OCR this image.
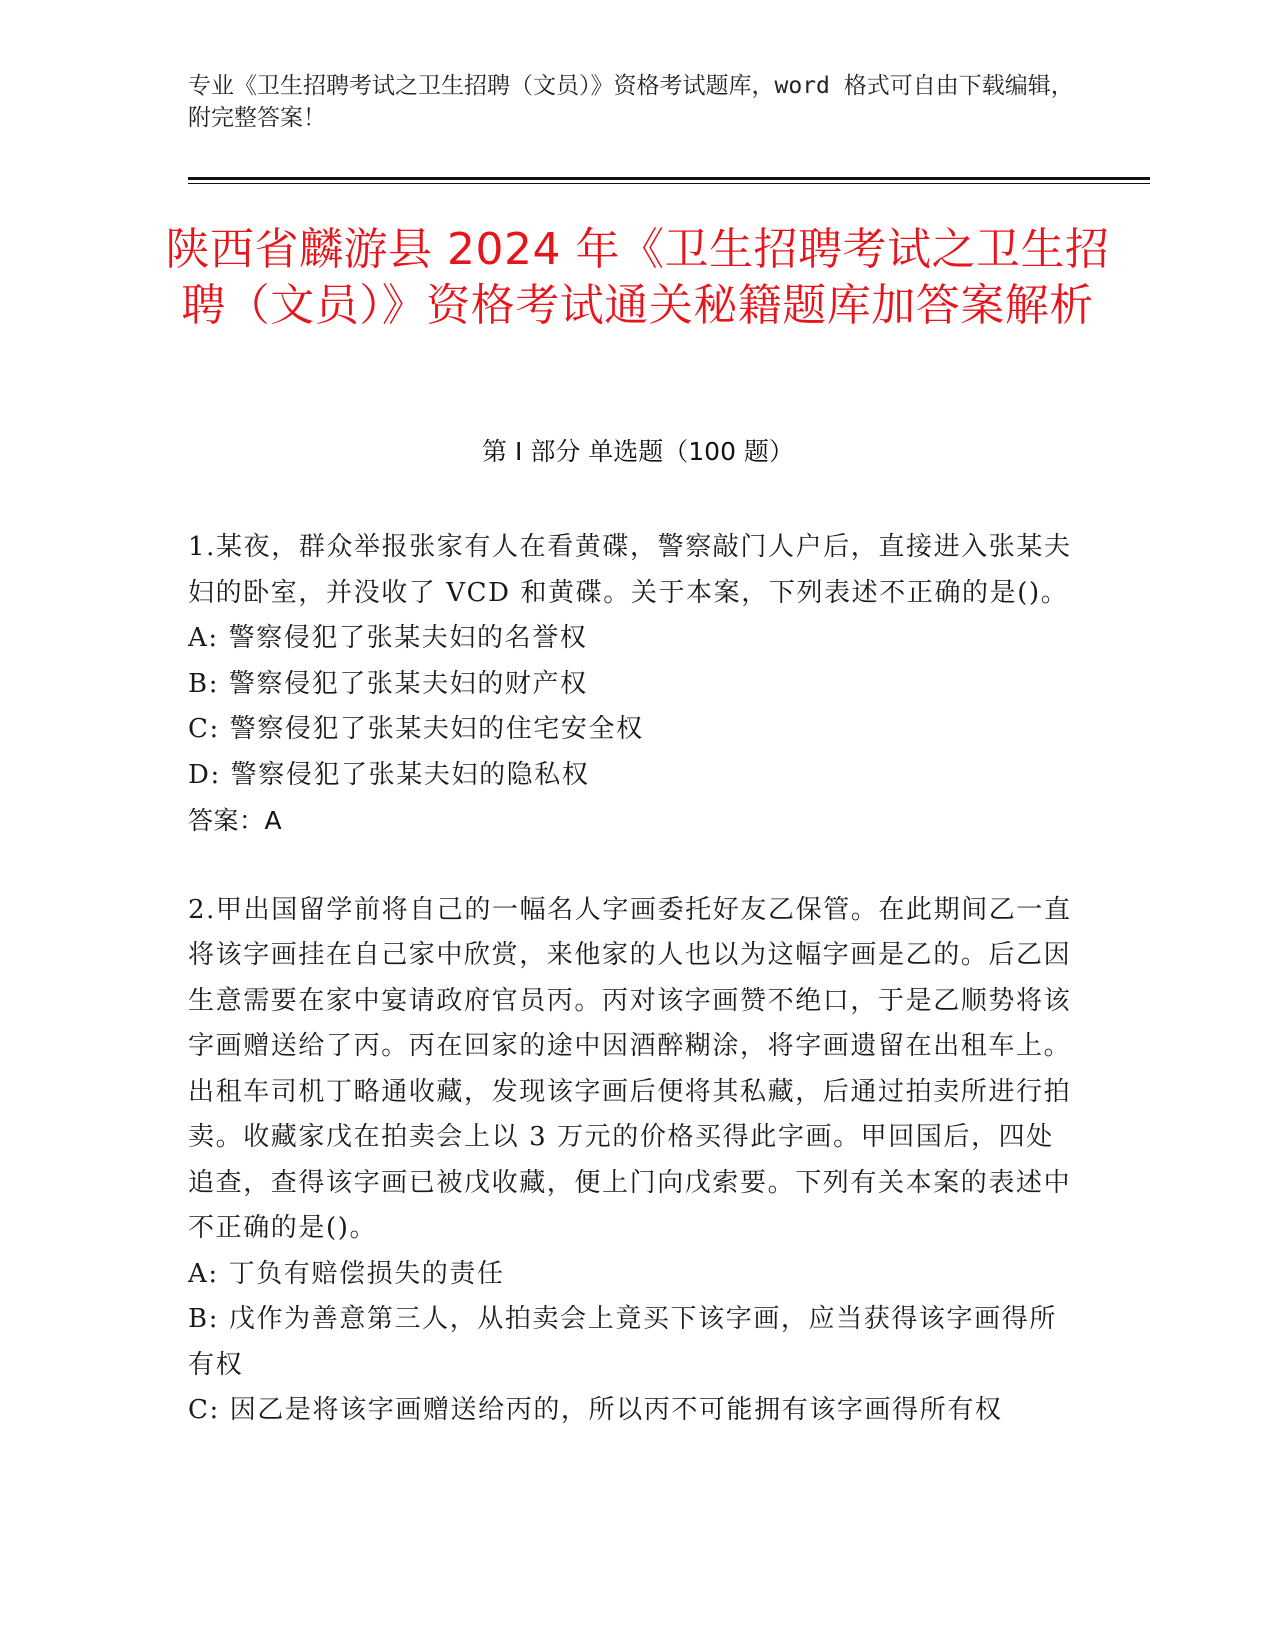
专业《卫生招聘考试之卫生招聘（文员）》资格考试题库，word 格式可自由下载编辑，附完整答案！
陕西省麟游县 2024 年《卫生招聘考试之卫生招聘（文员）》资格考试通关秘籍题库加答案解析
第 I 部分 单选题（100 题）

1.某夜，群众举报张家有人在看黄碟，警察敲门人户后，直接进入张某夫妇的卧室，并没收了 VCD 和黄碟。关于本案，下列表述不正确的是()。

A: 警察侵犯了张某夫妇的名誉权

B: 警察侵犯了张某夫妇的财产权

C: 警察侵犯了张某夫妇的住宅安全权

D: 警察侵犯了张某夫妇的隐私权

答案：A

2.甲出国留学前将自己的一幅名人字画委托好友乙保管。在此期间乙一直将该字画挂在自己家中欣赏，来他家的人也以为这幅字画是乙的。后乙因生意需要在家中宴请政府官员丙。丙对该字画赞不绝口，于是乙顺势将该字画赠送给了丙。丙在回家的途中因酒醉糊涂，将字画遗留在出租车上。出租车司机丁略通收藏，发现该字画后便将其私藏，后通过拍卖所进行拍卖。收藏家戊在拍卖会上以 3 万元的价格买得此字画。甲回国后，四处追查，查得该字画已被戊收藏，便上门向戊索要。下列有关本案的表述中不正确的是()。

A: 丁负有赔偿损失的责任

B: 戊作为善意第三人，从拍卖会上竟买下该字画，应当获得该字画得所有权

C: 因乙是将该字画赠送给丙的，所以丙不可能拥有该字画得所有权
